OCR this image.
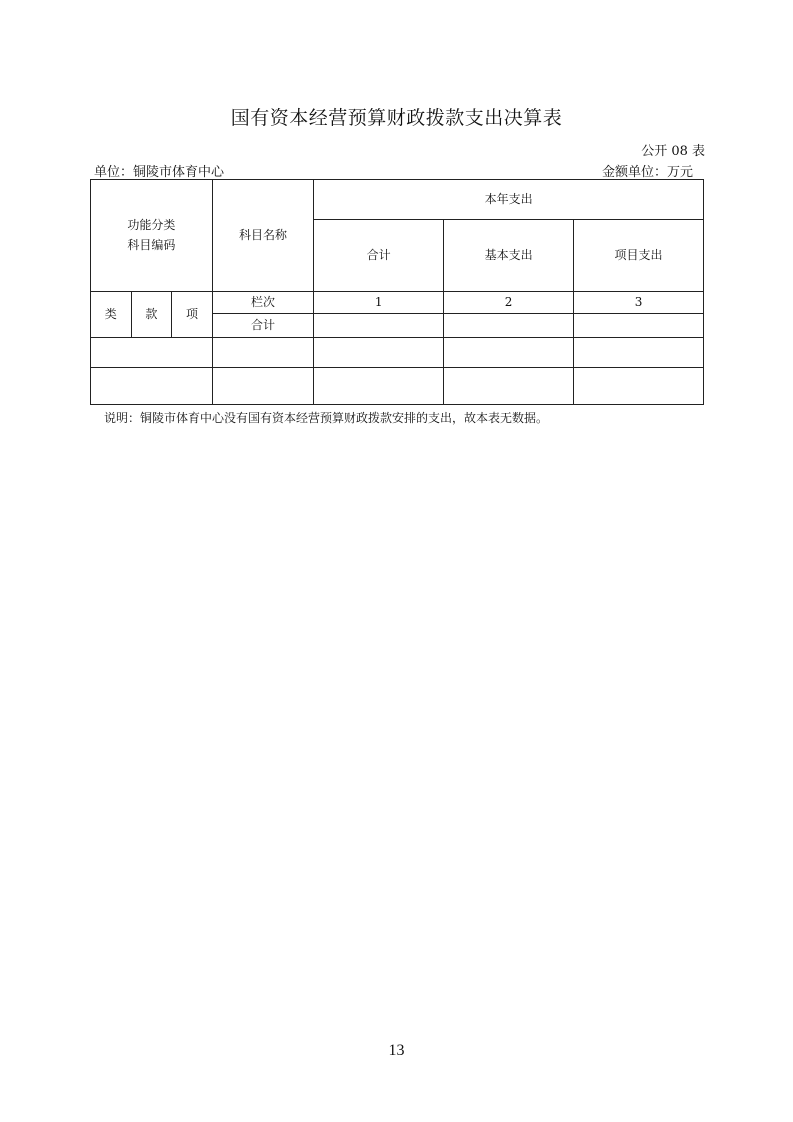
国有资本经营预算财政拨款支出决算表
公开 08 表
单位：铜陵市体育中心	金额单位：万元
功能分类
科目编码			科目名称	本年支出		
				合计	基本支出	项目支出
类	款	项	栏次	1	2	3
			合计			

说明：铜陵市体育中心没有国有资本经营预算财政拨款安排的支出，故本表无数据。
13
